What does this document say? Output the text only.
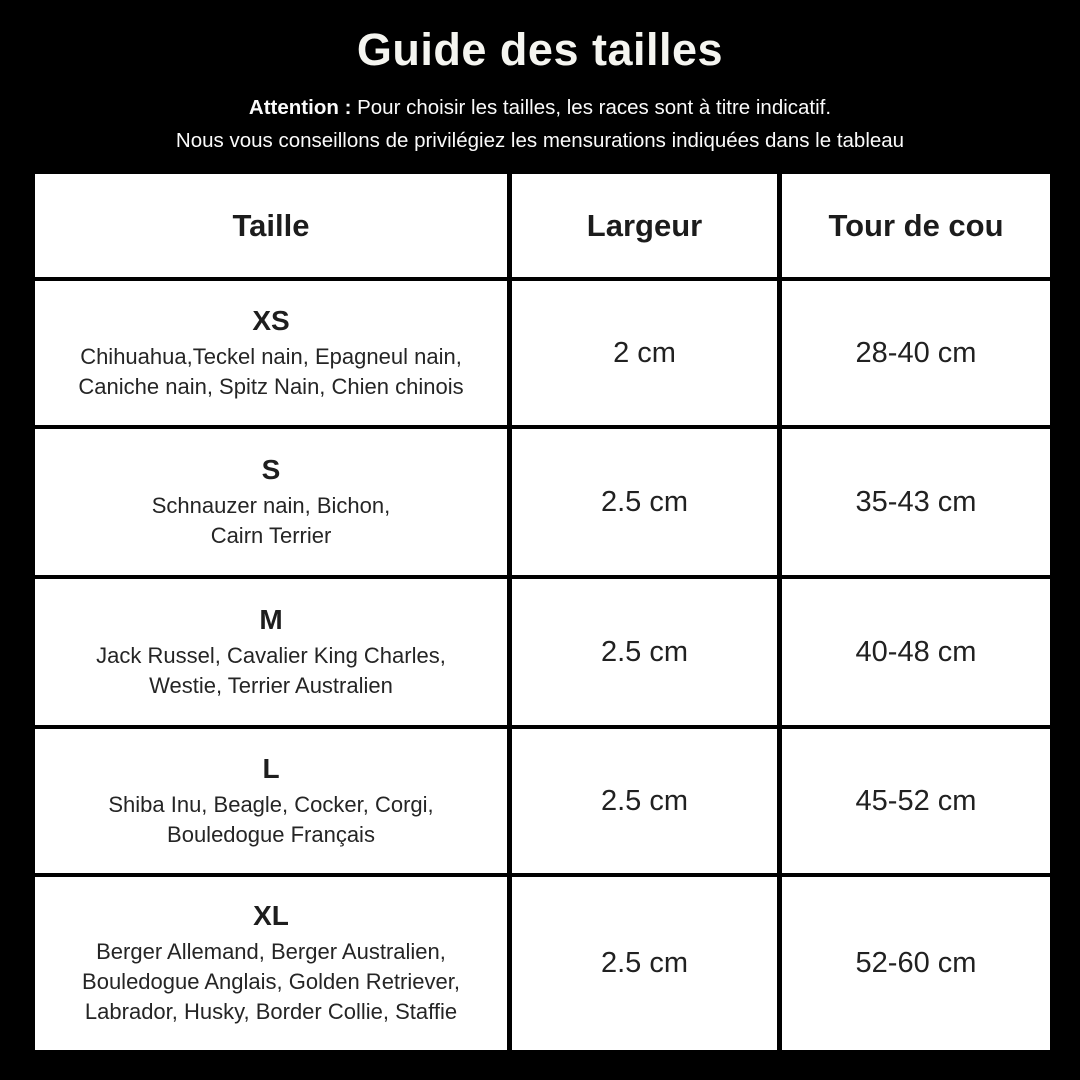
Guide des tailles
Attention : Pour choisir les tailles, les races sont à titre indicatif.
Nous vous conseillons de privilégiez les mensurations indiquées dans le tableau
Taille	Largeur	Tour de cou

XS
Chihuahua,Teckel nain, Epagneul nain,
Caniche nain, Spitz Nain, Chien chinois	2 cm	28-40 cm

S
Schnauzer nain, Bichon,
Cairn Terrier	2.5 cm	35-43 cm

M
Jack Russel, Cavalier King Charles,
Westie, Terrier Australien	2.5 cm	40-48 cm

L
Shiba Inu, Beagle, Cocker, Corgi,
Bouledogue Français	2.5 cm	45-52 cm

XL
Berger Allemand, Berger Australien,
Bouledogue Anglais, Golden Retriever,
Labrador, Husky, Border Collie, Staffie	2.5 cm	52-60 cm
